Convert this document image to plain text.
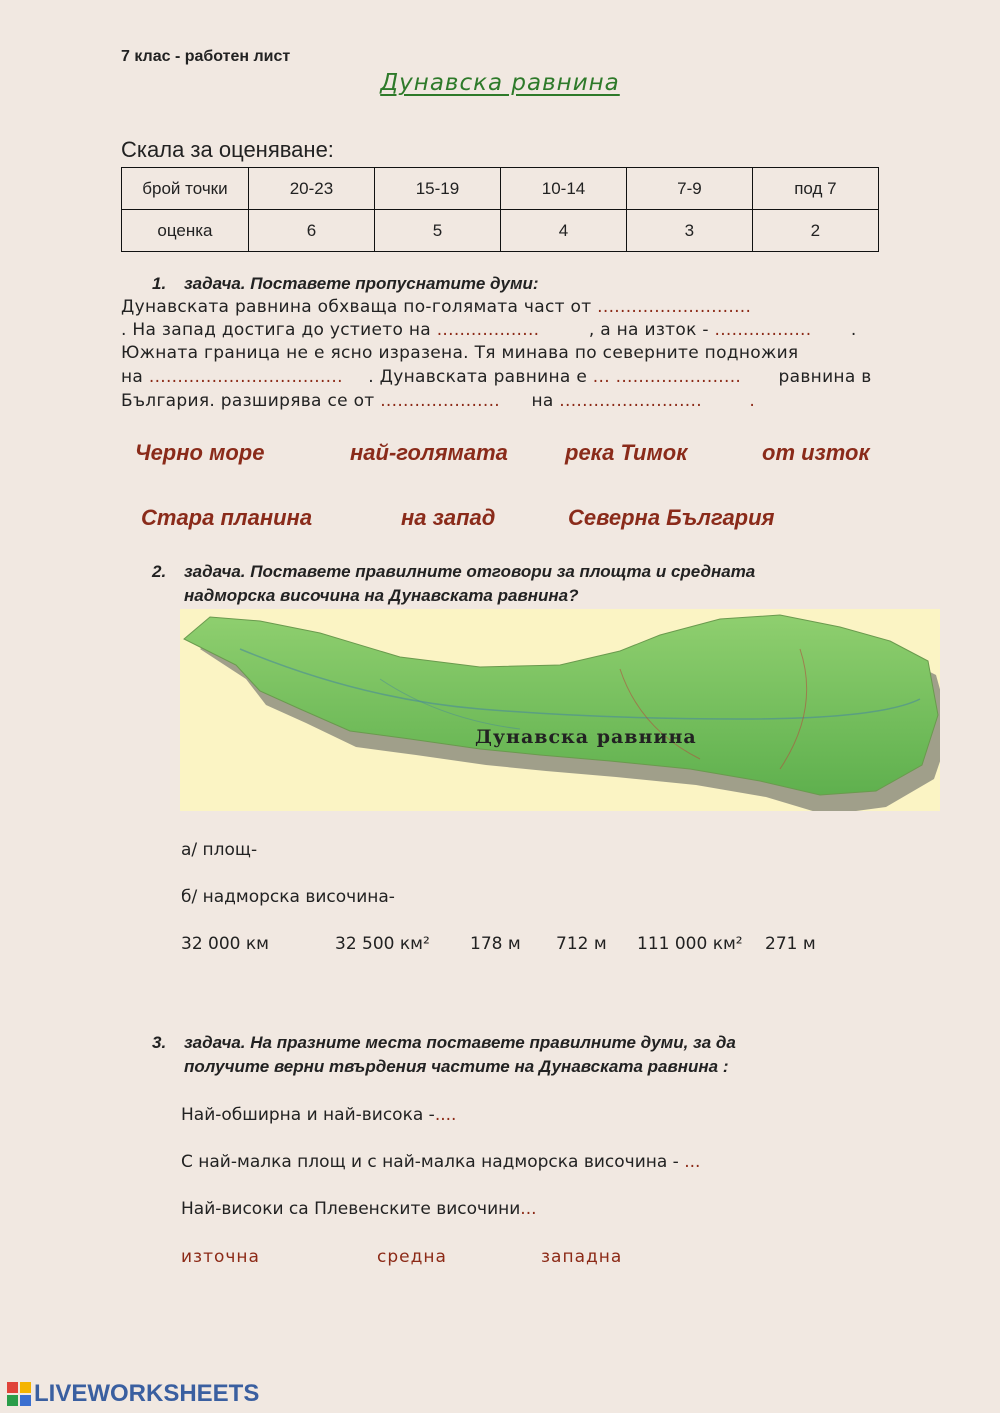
7 клас - работен лист
Дунавска равнина
Скала за оценяване:
брой точки	20-23	15-19	10-14	7-9	под 7
оценка	6	5	4	3	2
1. задача. Поставете пропуснатите думи:
Дунавската равнина обхваща по-голямата част от ...........................
. На запад достига до устието на ..................	, а на изток - ................. .
Южната граница не е ясно изразена. Тя минава по северните подножия
на .................................. . Дунавската равнина е ... ...................... равнина в
България. разширява се от ..................... на .........................	.
Черно море	най-голямата	река Тимок	от изток
Стара планина	на запад	Северна България
2. задача. Поставете правилните отговори за площта и средната
надморска височина на Дунавската равнина?
Дунавска равнина
а/ площ-
б/ надморска височина-
32 000 км	32 500 км² 178 м 712 м 111 000 км² 271 м
3. задача. На празните места поставете правилните думи, за да
получите верни твърдения частите на Дунавската равнина :
Най-обширна и най-висока -....
С най-малка площ и с най-малка надморска височина - ...
Най-високи са Плевенските височини...
източна	средна	западна
LIVEWORKSHEETS
